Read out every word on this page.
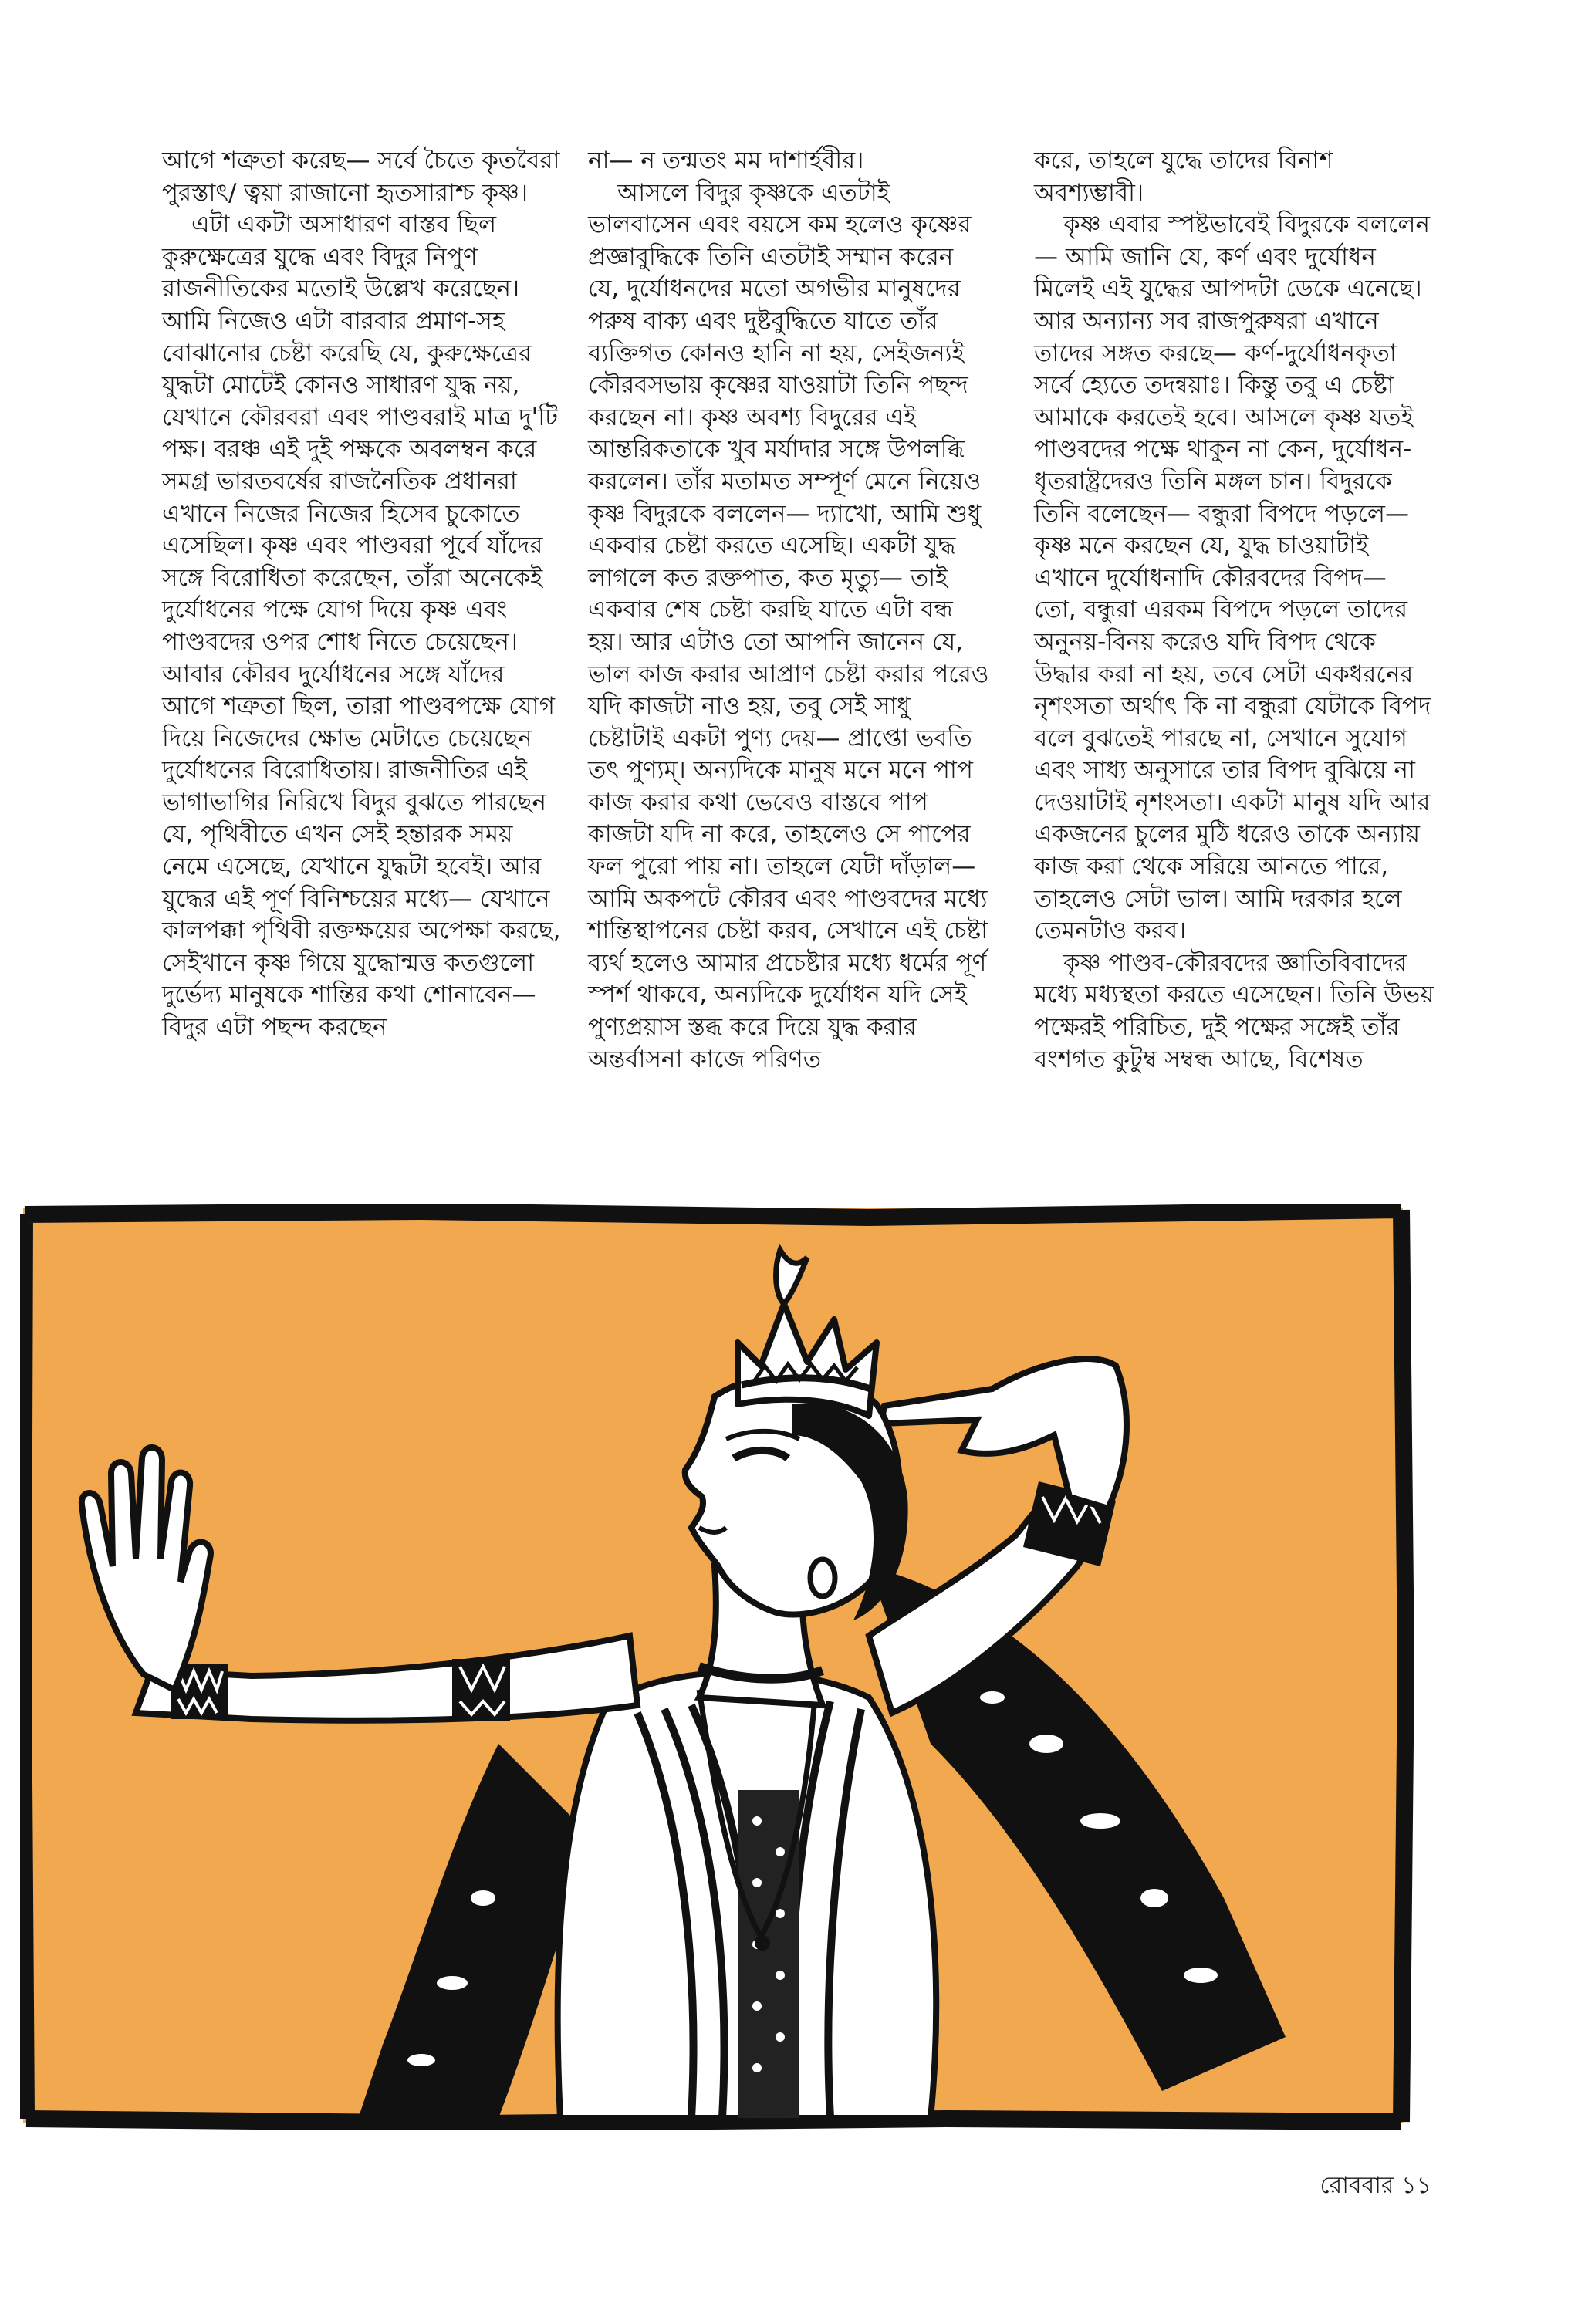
আগে শত্রুতা করেছ— সর্বে চৈতে কৃতবৈরা পুরস্তাৎ/ ত্বয়া রাজানো হৃতসারাশ্চ কৃষ্ণ।

এটা একটা অসাধারণ বাস্তব ছিল কুরুক্ষেত্রের যুদ্ধে এবং বিদুর নিপুণ রাজনীতিকের মতোই উল্লেখ করেছেন। আমি নিজেও এটা বারবার প্রমাণ-সহ বোঝানোর চেষ্টা করেছি যে, কুরুক্ষেত্রের যুদ্ধটা মোটেই কোনও সাধারণ যুদ্ধ নয়, যেখানে কৌরবরা এবং পাণ্ডবরাই মাত্র দু'টি পক্ষ। বরঞ্চ এই দুই পক্ষকে অবলম্বন করে সমগ্র ভারতবর্ষের রাজনৈতিক প্রধানরা এখানে নিজের নিজের হিসেব চুকোতে এসেছিল। কৃষ্ণ এবং পাণ্ডবরা পূর্বে যাঁদের সঙ্গে বিরোধিতা করেছেন, তাঁরা অনেকেই দুর্যোধনের পক্ষে যোগ দিয়ে কৃষ্ণ এবং পাণ্ডবদের ওপর শোধ নিতে চেয়েছেন। আবার কৌরব দুর্যোধনের সঙ্গে যাঁদের আগে শত্রুতা ছিল, তারা পাণ্ডবপক্ষে যোগ দিয়ে নিজেদের ক্ষোভ মেটাতে চেয়েছেন দুর্যোধনের বিরোধিতায়। রাজনীতির এই ভাগাভাগির নিরিখে বিদুর বুঝতে পারছেন যে, পৃথিবীতে এখন সেই হন্তারক সময় নেমে এসেছে, যেখানে যুদ্ধটা হবেই। আর যুদ্ধের এই পূর্ণ বিনিশ্চয়ের মধ্যে— যেখানে কালপক্কা পৃথিবী রক্তক্ষয়ের অপেক্ষা করছে, সেইখানে কৃষ্ণ গিয়ে যুদ্ধোন্মত্ত কতগুলো দুর্ভেদ্য মানুষকে শান্তির কথা শোনাবেন— বিদুর এটা পছন্দ করছেন

না— ন তন্মতং মম দাশার্হবীর।

আসলে বিদুর কৃষ্ণকে এতটাই ভালবাসেন এবং বয়সে কম হলেও কৃষ্ণের প্রজ্ঞাবুদ্ধিকে তিনি এতটাই সম্মান করেন যে, দুর্যোধনদের মতো অগভীর মানুষদের পরুষ বাক্য এবং দুষ্টবুদ্ধিতে যাতে তাঁর ব্যক্তিগত কোনও হানি না হয়, সেইজন্যই কৌরবসভায় কৃষ্ণের যাওয়াটা তিনি পছন্দ করছেন না। কৃষ্ণ অবশ্য বিদুরের এই আন্তরিকতাকে খুব মর্যাদার সঙ্গে উপলব্ধি করলেন। তাঁর মতামত সম্পূর্ণ মেনে নিয়েও কৃষ্ণ বিদুরকে বললেন— দ্যাখো, আমি শুধু একবার চেষ্টা করতে এসেছি। একটা যুদ্ধ লাগলে কত রক্তপাত, কত মৃত্যু— তাই একবার শেষ চেষ্টা করছি যাতে এটা বন্ধ হয়। আর এটাও তো আপনি জানেন যে, ভাল কাজ করার আপ্রাণ চেষ্টা করার পরেও যদি কাজটা নাও হয়, তবু সেই সাধু চেষ্টাটাই একটা পুণ্য দেয়— প্রাপ্তো ভবতি তৎ পুণ্যম্। অন্যদিকে মানুষ মনে মনে পাপ কাজ করার কথা ভেবেও বাস্তবে পাপ কাজটা যদি না করে, তাহলেও সে পাপের ফল পুরো পায় না। তাহলে যেটা দাঁড়াল— আমি অকপটে কৌরব এবং পাণ্ডবদের মধ্যে শান্তিস্থাপনের চেষ্টা করব, সেখানে এই চেষ্টা ব্যর্থ হলেও আমার প্রচেষ্টার মধ্যে ধর্মের পূর্ণ স্পর্শ থাকবে, অন্যদিকে দুর্যোধন যদি সেই পুণ্যপ্রয়াস স্তব্ধ করে দিয়ে যুদ্ধ করার অন্তর্বাসনা কাজে পরিণত

করে, তাহলে যুদ্ধে তাদের বিনাশ অবশ্যম্ভাবী।

কৃষ্ণ এবার স্পষ্টভাবেই বিদুরকে বললেন— আমি জানি যে, কর্ণ এবং দুর্যোধন মিলেই এই যুদ্ধের আপদটা ডেকে এনেছে। আর অন্যান্য সব রাজপুরুষরা এখানে তাদের সঙ্গত করছে— কর্ণ-দুর্যোধনকৃতা সর্বে হ্যেতে তদন্বয়াঃ। কিন্তু তবু এ চেষ্টা আমাকে করতেই হবে। আসলে কৃষ্ণ যতই পাণ্ডবদের পক্ষে থাকুন না কেন, দুর্যোধন-ধৃতরাষ্ট্রদেরও তিনি মঙ্গল চান। বিদুরকে তিনি বলেছেন— বন্ধুরা বিপদে পড়লে— কৃষ্ণ মনে করছেন যে, যুদ্ধ চাওয়াটাই এখানে দুর্যোধনাদি কৌরবদের বিপদ— তো, বন্ধুরা এরকম বিপদে পড়লে তাদের অনুনয়-বিনয় করেও যদি বিপদ থেকে উদ্ধার করা না হয়, তবে সেটা একধরনের নৃশংসতা অর্থাৎ কি না বন্ধুরা যেটাকে বিপদ বলে বুঝতেই পারছে না, সেখানে সুযোগ এবং সাধ্য অনুসারে তার বিপদ বুঝিয়ে না দেওয়াটাই নৃশংসতা। একটা মানুষ যদি আর একজনের চুলের মুঠি ধরেও তাকে অন্যায় কাজ করা থেকে সরিয়ে আনতে পারে, তাহলেও সেটা ভাল। আমি দরকার হলে তেমনটাও করব।

কৃষ্ণ পাণ্ডব-কৌরবদের জ্ঞাতিবিবাদের মধ্যে মধ্যস্থতা করতে এসেছেন। তিনি উভয় পক্ষেরই পরিচিত, দুই পক্ষের সঙ্গেই তাঁর বংশগত কুটুম্ব সম্বন্ধ আছে, বিশেষত

রোববার ১১
